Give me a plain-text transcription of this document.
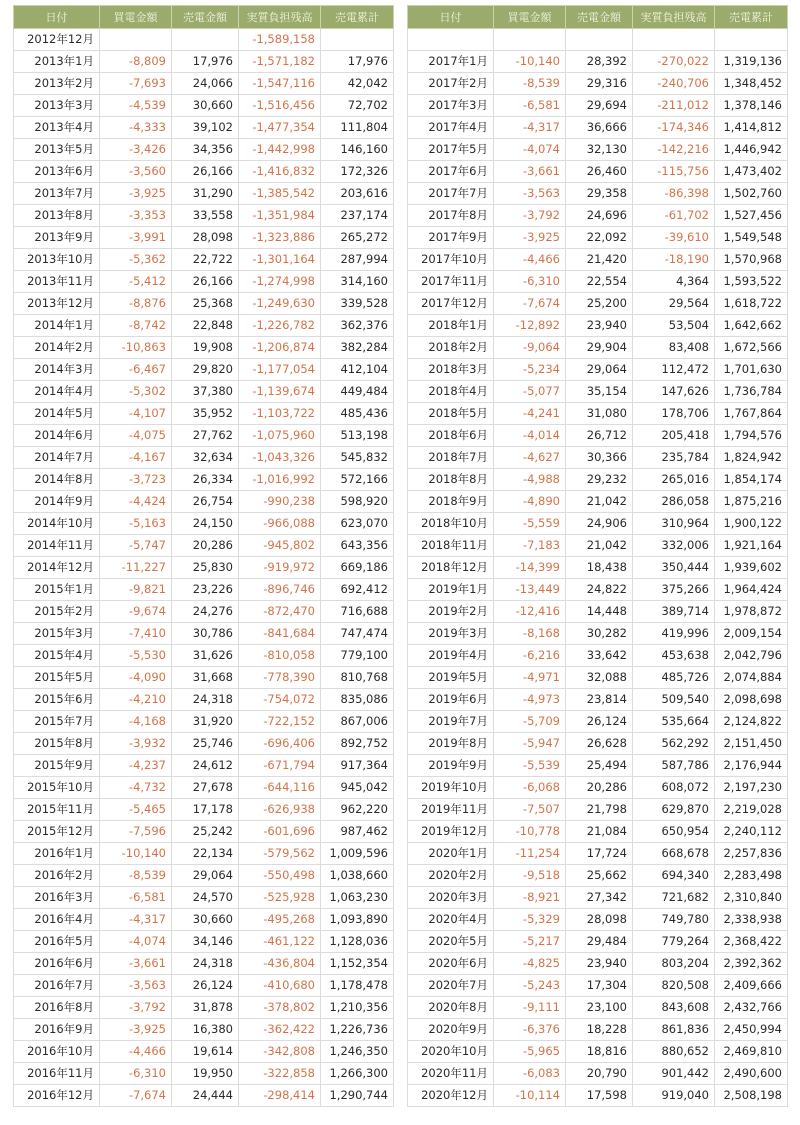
日付	買電金額	売電金額	実質負担残高	売電累計
2012年12月			-1,589,158	
2013年1月	-8,809	17,976	-1,571,182	17,976
2013年2月	-7,693	24,066	-1,547,116	42,042
2013年3月	-4,539	30,660	-1,516,456	72,702
2013年4月	-4,333	39,102	-1,477,354	111,804
2013年5月	-3,426	34,356	-1,442,998	146,160
2013年6月	-3,560	26,166	-1,416,832	172,326
2013年7月	-3,925	31,290	-1,385,542	203,616
2013年8月	-3,353	33,558	-1,351,984	237,174
2013年9月	-3,991	28,098	-1,323,886	265,272
2013年10月	-5,362	22,722	-1,301,164	287,994
2013年11月	-5,412	26,166	-1,274,998	314,160
2013年12月	-8,876	25,368	-1,249,630	339,528
2014年1月	-8,742	22,848	-1,226,782	362,376
2014年2月	-10,863	19,908	-1,206,874	382,284
2014年3月	-6,467	29,820	-1,177,054	412,104
2014年4月	-5,302	37,380	-1,139,674	449,484
2014年5月	-4,107	35,952	-1,103,722	485,436
2014年6月	-4,075	27,762	-1,075,960	513,198
2014年7月	-4,167	32,634	-1,043,326	545,832
2014年8月	-3,723	26,334	-1,016,992	572,166
2014年9月	-4,424	26,754	-990,238	598,920
2014年10月	-5,163	24,150	-966,088	623,070
2014年11月	-5,747	20,286	-945,802	643,356
2014年12月	-11,227	25,830	-919,972	669,186
2015年1月	-9,821	23,226	-896,746	692,412
2015年2月	-9,674	24,276	-872,470	716,688
2015年3月	-7,410	30,786	-841,684	747,474
2015年4月	-5,530	31,626	-810,058	779,100
2015年5月	-4,090	31,668	-778,390	810,768
2015年6月	-4,210	24,318	-754,072	835,086
2015年7月	-4,168	31,920	-722,152	867,006
2015年8月	-3,932	25,746	-696,406	892,752
2015年9月	-4,237	24,612	-671,794	917,364
2015年10月	-4,732	27,678	-644,116	945,042
2015年11月	-5,465	17,178	-626,938	962,220
2015年12月	-7,596	25,242	-601,696	987,462
2016年1月	-10,140	22,134	-579,562	1,009,596
2016年2月	-8,539	29,064	-550,498	1,038,660
2016年3月	-6,581	24,570	-525,928	1,063,230
2016年4月	-4,317	30,660	-495,268	1,093,890
2016年5月	-4,074	34,146	-461,122	1,128,036
2016年6月	-3,661	24,318	-436,804	1,152,354
2016年7月	-3,563	26,124	-410,680	1,178,478
2016年8月	-3,792	31,878	-378,802	1,210,356
2016年9月	-3,925	16,380	-362,422	1,226,736
2016年10月	-4,466	19,614	-342,808	1,246,350
2016年11月	-6,310	19,950	-322,858	1,266,300
2016年12月	-7,674	24,444	-298,414	1,290,744
日付	買電金額	売電金額	実質負担残高	売電累計

2017年1月	-10,140	28,392	-270,022	1,319,136
2017年2月	-8,539	29,316	-240,706	1,348,452
2017年3月	-6,581	29,694	-211,012	1,378,146
2017年4月	-4,317	36,666	-174,346	1,414,812
2017年5月	-4,074	32,130	-142,216	1,446,942
2017年6月	-3,661	26,460	-115,756	1,473,402
2017年7月	-3,563	29,358	-86,398	1,502,760
2017年8月	-3,792	24,696	-61,702	1,527,456
2017年9月	-3,925	22,092	-39,610	1,549,548
2017年10月	-4,466	21,420	-18,190	1,570,968
2017年11月	-6,310	22,554	4,364	1,593,522
2017年12月	-7,674	25,200	29,564	1,618,722
2018年1月	-12,892	23,940	53,504	1,642,662
2018年2月	-9,064	29,904	83,408	1,672,566
2018年3月	-5,234	29,064	112,472	1,701,630
2018年4月	-5,077	35,154	147,626	1,736,784
2018年5月	-4,241	31,080	178,706	1,767,864
2018年6月	-4,014	26,712	205,418	1,794,576
2018年7月	-4,627	30,366	235,784	1,824,942
2018年8月	-4,988	29,232	265,016	1,854,174
2018年9月	-4,890	21,042	286,058	1,875,216
2018年10月	-5,559	24,906	310,964	1,900,122
2018年11月	-7,183	21,042	332,006	1,921,164
2018年12月	-14,399	18,438	350,444	1,939,602
2019年1月	-13,449	24,822	375,266	1,964,424
2019年2月	-12,416	14,448	389,714	1,978,872
2019年3月	-8,168	30,282	419,996	2,009,154
2019年4月	-6,216	33,642	453,638	2,042,796
2019年5月	-4,971	32,088	485,726	2,074,884
2019年6月	-4,973	23,814	509,540	2,098,698
2019年7月	-5,709	26,124	535,664	2,124,822
2019年8月	-5,947	26,628	562,292	2,151,450
2019年9月	-5,539	25,494	587,786	2,176,944
2019年10月	-6,068	20,286	608,072	2,197,230
2019年11月	-7,507	21,798	629,870	2,219,028
2019年12月	-10,778	21,084	650,954	2,240,112
2020年1月	-11,254	17,724	668,678	2,257,836
2020年2月	-9,518	25,662	694,340	2,283,498
2020年3月	-8,921	27,342	721,682	2,310,840
2020年4月	-5,329	28,098	749,780	2,338,938
2020年5月	-5,217	29,484	779,264	2,368,422
2020年6月	-4,825	23,940	803,204	2,392,362
2020年7月	-5,243	17,304	820,508	2,409,666
2020年8月	-9,111	23,100	843,608	2,432,766
2020年9月	-6,376	18,228	861,836	2,450,994
2020年10月	-5,965	18,816	880,652	2,469,810
2020年11月	-6,083	20,790	901,442	2,490,600
2020年12月	-10,114	17,598	919,040	2,508,198
